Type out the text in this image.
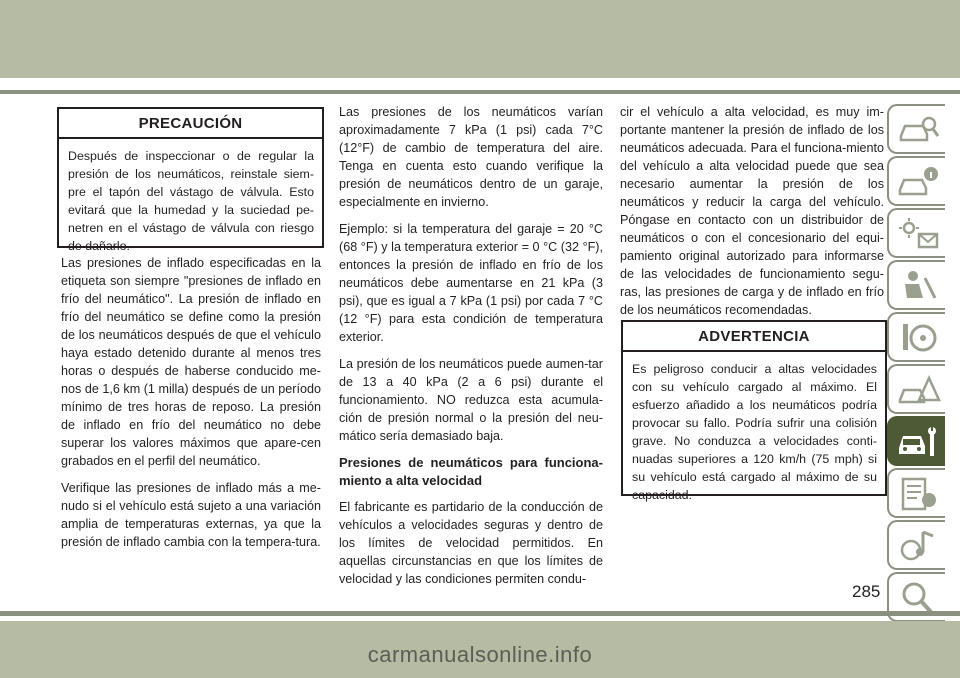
PRECAUCIÓN
Después de inspeccionar o de regular la presión de los neumáticos, reinstale siem-pre el tapón del vástago de válvula. Esto evitará que la humedad y la suciedad pe-netren en el vástago de válvula con riesgo de dañarlo.

Las presiones de inflado especificadas en la etiqueta son siempre "presiones de inflado en frío del neumático". La presión de inflado en frío del neumático se define como la presión de los neumáticos después de que el vehículo haya estado detenido durante al menos tres horas o después de haberse conducido me-nos de 1,6 km (1 milla) después de un período mínimo de tres horas de reposo. La presión de inflado en frío del neumático no debe superar los valores máximos que apare-cen grabados en el perfil del neumático.

Verifique las presiones de inflado más a me-nudo si el vehículo está sujeto a una variación amplia de temperaturas externas, ya que la presión de inflado cambia con la tempera-tura.

Las presiones de los neumáticos varían aproximadamente 7 kPa (1 psi) cada 7°C (12°F) de cambio de temperatura del aire. Tenga en cuenta esto cuando verifique la presión de neumáticos dentro de un garaje, especialmente en invierno.

Ejemplo: si la temperatura del garaje = 20 °C (68 °F) y la temperatura exterior = 0 °C (32 °F), entonces la presión de inflado en frío de los neumáticos debe aumentarse en 21 kPa (3 psi), que es igual a 7 kPa (1 psi) por cada 7 °C (12 °F) para esta condición de temperatura exterior.

La presión de los neumáticos puede aumen-tar de 13 a 40 kPa (2 a 6 psi) durante el funcionamiento. NO reduzca esta acumula-ción de presión normal o la presión del neu-mático sería demasiado baja.

Presiones de neumáticos para funciona-miento a alta velocidad

El fabricante es partidario de la conducción de vehículos a velocidades seguras y dentro de los límites de velocidad permitidos. En aquellas circunstancias en que los límites de velocidad y las condiciones permiten condu-

cir el vehículo a alta velocidad, es muy im-portante mantener la presión de inflado de los neumáticos adecuada. Para el funciona-miento del vehículo a alta velocidad puede que sea necesario aumentar la presión de los neumáticos y reducir la carga del vehículo. Póngase en contacto con un distribuidor de neumáticos o con el concesionario del equi-pamiento original autorizado para informarse de las velocidades de funcionamiento segu-ras, las presiones de carga y de inflado en frío de los neumáticos recomendadas.

ADVERTENCIA
Es peligroso conducir a altas velocidades con su vehículo cargado al máximo. El esfuerzo añadido a los neumáticos podría provocar su fallo. Podría sufrir una colisión grave. No conduzca a velocidades conti-nuadas superiores a 120 km/h (75 mph) si su vehículo está cargado al máximo de su capacidad.
285
carmanualsonline.info
